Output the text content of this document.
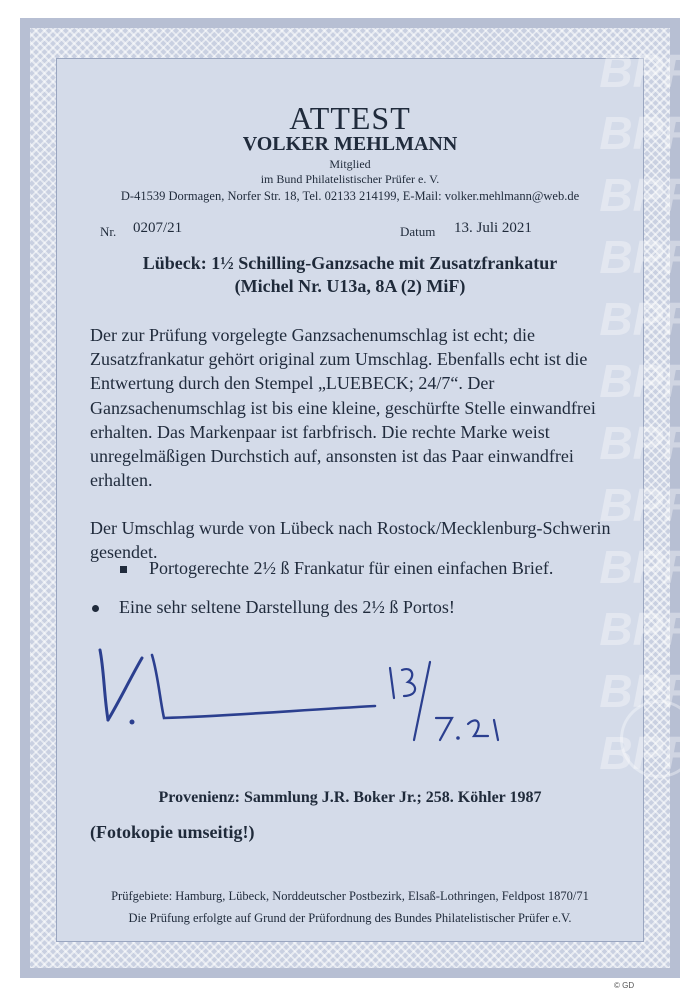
BPP
BPP
BPP
BPP
BPP
BPP
BPP
BPP
BPP
BPP
BPP
BPP
ATTEST
VOLKER MEHLMANN
Mitglied
im Bund Philatelistischer Prüfer e. V.
D-41539 Dormagen, Norfer Str. 18, Tel. 02133 214199, E-Mail: volker.mehlmann@web.de
Nr. 0207/21	Datum 13. Juli 2021
Lübeck: 1½ Schilling-Ganzsache mit Zusatzfrankatur
(Michel Nr. U13a, 8A (2) MiF)
Der zur Prüfung vorgelegte Ganzsachenumschlag ist echt; die Zusatzfrankatur gehört original zum Umschlag. Ebenfalls echt ist die Entwertung durch den Stempel „LUEBECK; 24/7“. Der Ganzsachenumschlag ist bis eine kleine, geschürfte Stelle einwandfrei erhalten. Das Markenpaar ist farbfrisch. Die rechte Marke weist unregelmäßigen Durchstich auf, ansonsten ist das Paar einwandfrei erhalten.
Der Umschlag wurde von Lübeck nach Rostock/Mecklenburg-Schwerin gesendet.
Portogerechte 2½ ß Frankatur für einen einfachen Brief.
Eine sehr seltene Darstellung des 2½ ß Portos!
Provenienz: Sammlung J.R. Boker Jr.; 258. Köhler 1987
(Fotokopie umseitig!)
Prüfgebiete: Hamburg, Lübeck, Norddeutscher Postbezirk, Elsaß-Lothringen, Feldpost 1870/71
Die Prüfung erfolgte auf Grund der Prüfordnung des Bundes Philatelistischer Prüfer e.V.
© GD
